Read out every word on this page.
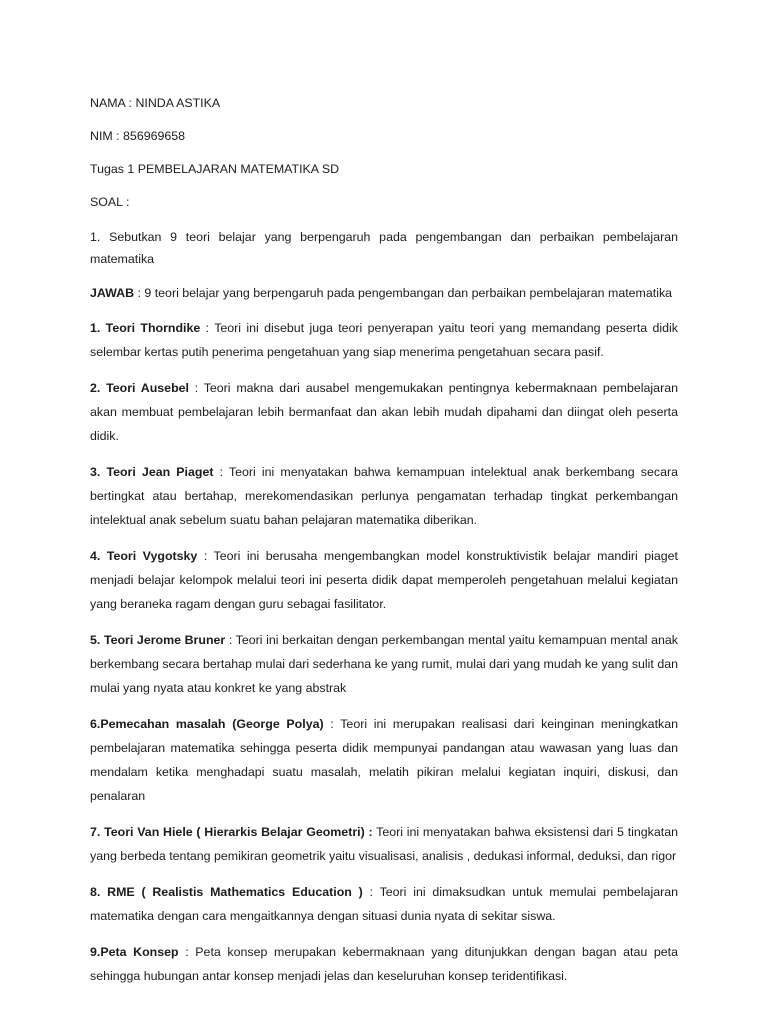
NAMA : NINDA ASTIKA

NIM : 856969658

Tugas 1 PEMBELAJARAN MATEMATIKA SD

SOAL :

1. Sebutkan 9 teori belajar yang berpengaruh pada pengembangan dan perbaikan pembelajaran matematika

JAWAB : 9 teori belajar yang berpengaruh pada pengembangan dan perbaikan pembelajaran matematika

1. Teori Thorndike : Teori ini disebut juga teori penyerapan yaitu teori yang memandang peserta didik selembar kertas putih penerima pengetahuan yang siap menerima pengetahuan secara pasif.

2. Teori Ausebel : Teori makna dari ausabel mengemukakan pentingnya kebermaknaan pembelajaran akan membuat pembelajaran lebih bermanfaat dan akan lebih mudah dipahami dan diingat oleh peserta didik.

3. Teori Jean Piaget : Teori ini menyatakan bahwa kemampuan intelektual anak berkembang secara bertingkat atau bertahap, merekomendasikan perlunya pengamatan terhadap tingkat perkembangan intelektual anak sebelum suatu bahan pelajaran matematika diberikan.

4. Teori Vygotsky : Teori ini berusaha mengembangkan model konstruktivistik belajar mandiri piaget menjadi belajar kelompok melalui teori ini peserta didik dapat memperoleh pengetahuan melalui kegiatan yang beraneka ragam dengan guru sebagai fasilitator.

5. Teori Jerome Bruner : Teori ini berkaitan dengan perkembangan mental yaitu kemampuan mental anak berkembang secara bertahap mulai dari sederhana ke yang rumit, mulai dari yang mudah ke yang sulit dan mulai yang nyata atau konkret ke yang abstrak

6.Pemecahan masalah (George Polya) : Teori ini merupakan realisasi dari keinginan meningkatkan pembelajaran matematika sehingga peserta didik mempunyai pandangan atau wawasan yang luas dan mendalam ketika menghadapi suatu masalah, melatih pikiran melalui kegiatan inquiri, diskusi, dan penalaran

7. Teori Van Hiele ( Hierarkis Belajar Geometri) : Teori ini menyatakan bahwa eksistensi dari 5 tingkatan yang berbeda tentang pemikiran geometrik yaitu visualisasi, analisis , dedukasi informal, deduksi, dan rigor

8. RME ( Realistis Mathematics Education ) : Teori ini dimaksudkan untuk memulai pembelajaran matematika dengan cara mengaitkannya dengan situasi dunia nyata di sekitar siswa.

9.Peta Konsep : Peta konsep merupakan kebermaknaan yang ditunjukkan dengan bagan atau peta sehingga hubungan antar konsep menjadi jelas dan keseluruhan konsep teridentifikasi.
